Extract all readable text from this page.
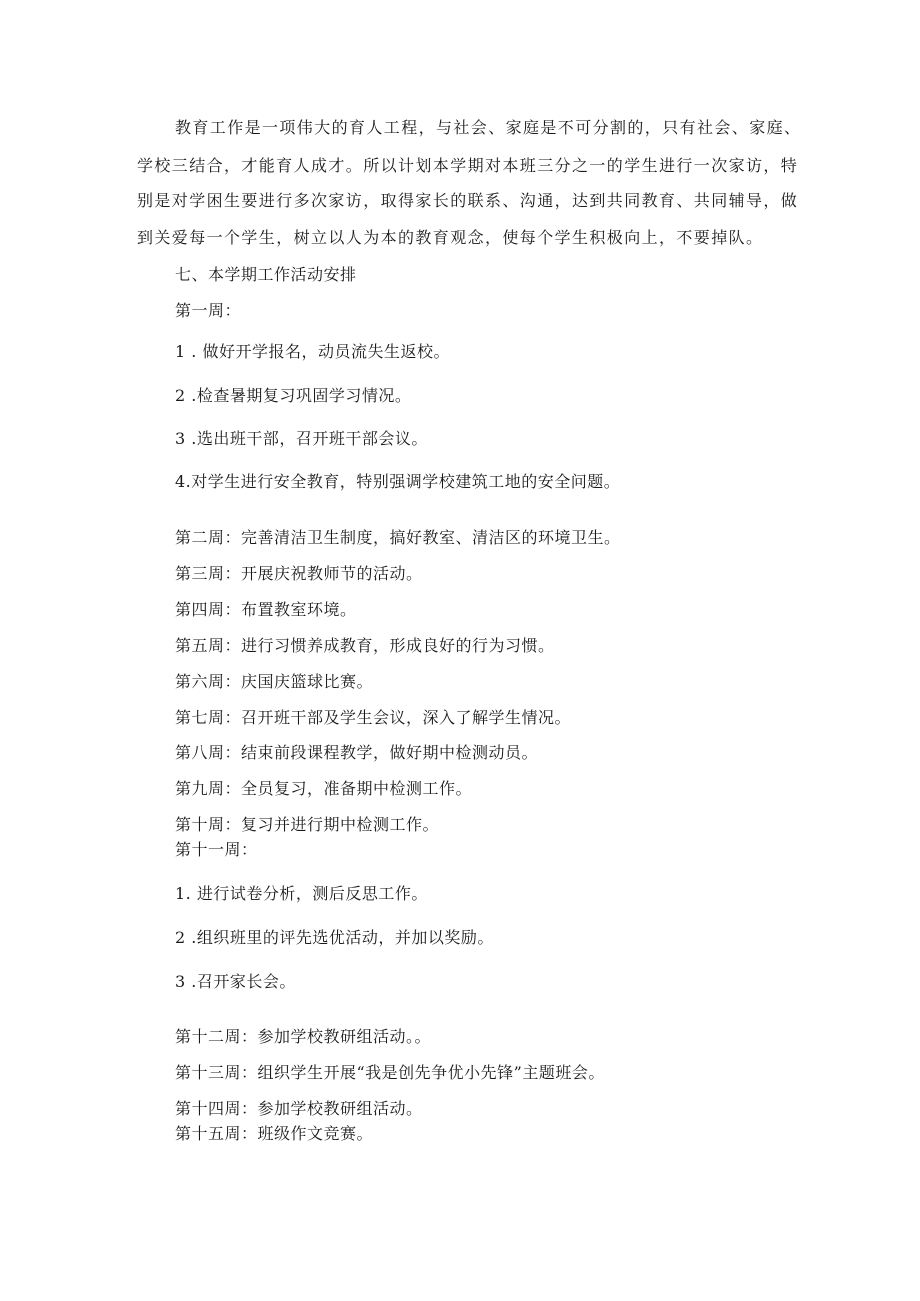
教育工作是一项伟大的育人工程，与社会、家庭是不可分割的，只有社会、家庭、
学校三结合，才能育人成才。所以计划本学期对本班三分之一的学生进行一次家访，特
别是对学困生要进行多次家访，取得家长的联系、沟通，达到共同教育、共同辅导，做
到关爱每一个学生，树立以人为本的教育观念，使每个学生积极向上，不要掉队。
七、本学期工作活动安排
第一周：
1 . 做好开学报名，动员流失生返校。
2 .检查暑期复习巩固学习情况。
3 .选出班干部，召开班干部会议。
4.对学生进行安全教育，特别强调学校建筑工地的安全问题。
第二周：完善清洁卫生制度，搞好教室、清洁区的环境卫生。
第三周：开展庆祝教师节的活动。
第四周：布置教室环境。
第五周：进行习惯养成教育，形成良好的行为习惯。
第六周：庆国庆篮球比赛。
第七周：召开班干部及学生会议，深入了解学生情况。
第八周：结束前段课程教学，做好期中检测动员。
第九周：全员复习，准备期中检测工作。
第十周：复习并进行期中检测工作。
第十一周：
1. 进行试卷分析，测后反思工作。
2 .组织班里的评先选优活动，并加以奖励。
3 .召开家长会。
第十二周：参加学校教研组活动。。
第十三周：组织学生开展“我是创先争优小先锋”主题班会。
第十四周：参加学校教研组活动。
第十五周：班级作文竞赛。
